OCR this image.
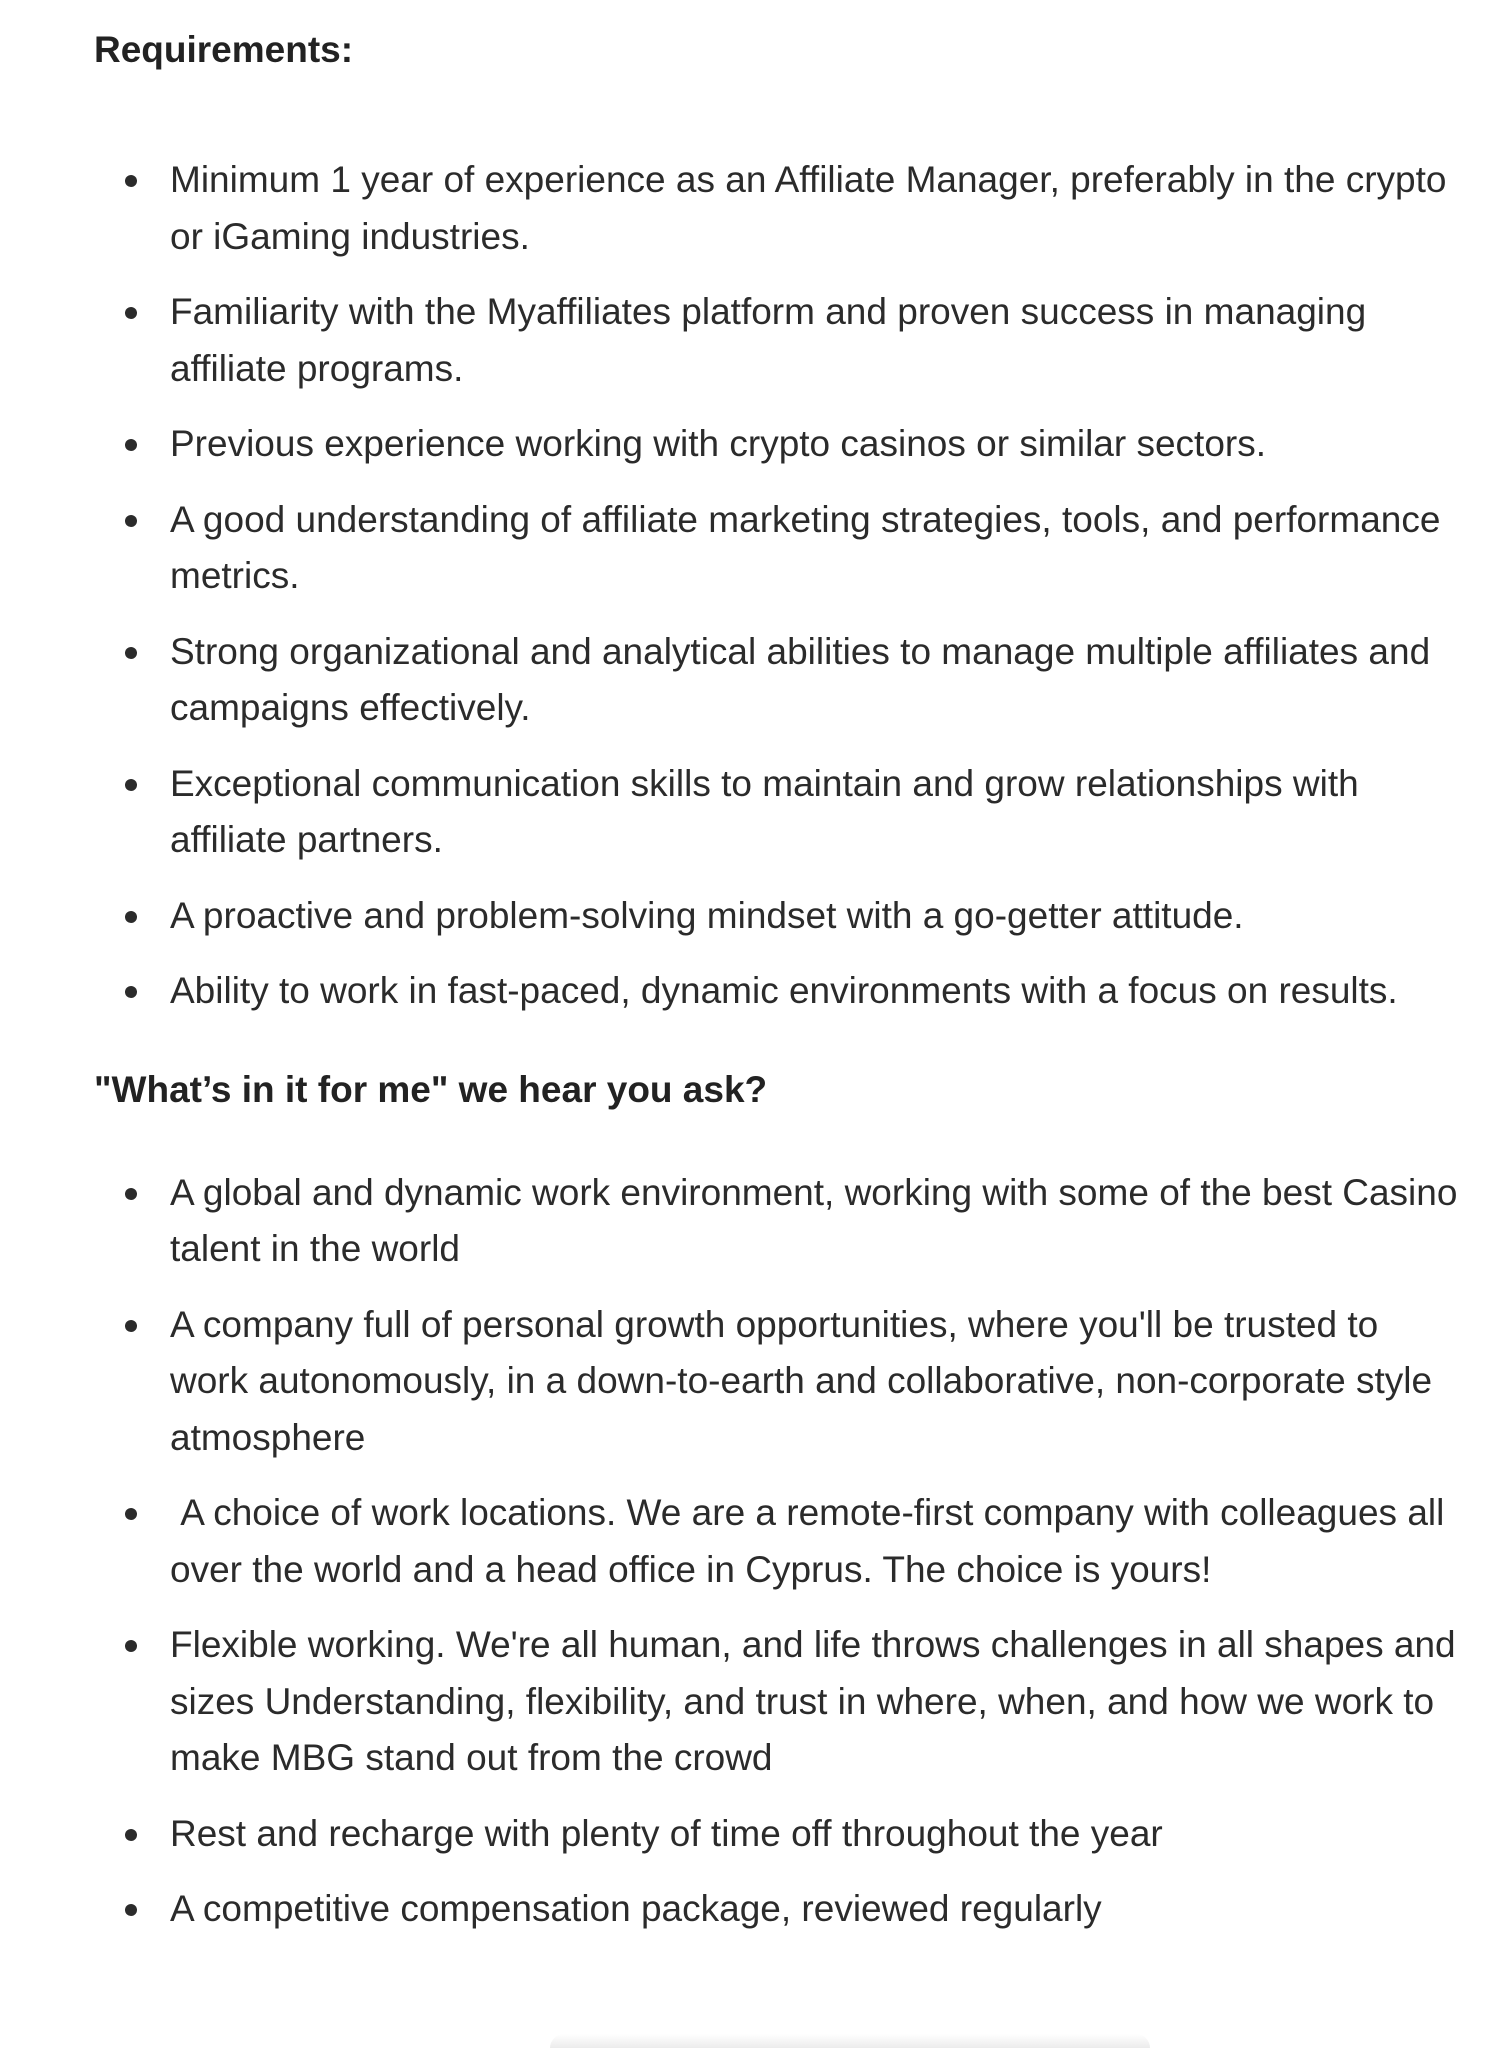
Requirements:
Minimum 1 year of experience as an Affiliate Manager, preferably in the crypto or iGaming industries.
Familiarity with the Myaffiliates platform and proven success in managing affiliate programs.
Previous experience working with crypto casinos or similar sectors.
A good understanding of affiliate marketing strategies, tools, and performance metrics.
Strong organizational and analytical abilities to manage multiple affiliates and campaigns effectively.
Exceptional communication skills to maintain and grow relationships with affiliate partners.
A proactive and problem-solving mindset with a go-getter attitude.
Ability to work in fast-paced, dynamic environments with a focus on results.
"What’s in it for me" we hear you ask?
A global and dynamic work environment, working with some of the best Casino talent in the world
A company full of personal growth opportunities, where you'll be trusted to work autonomously, in a down-to-earth and collaborative, non-corporate style atmosphere
A choice of work locations. We are a remote-first company with colleagues all over the world and a head office in Cyprus. The choice is yours!
Flexible working. We're all human, and life throws challenges in all shapes and sizes Understanding, flexibility, and trust in where, when, and how we work to make MBG stand out from the crowd
Rest and recharge with plenty of time off throughout the year
A competitive compensation package, reviewed regularly
